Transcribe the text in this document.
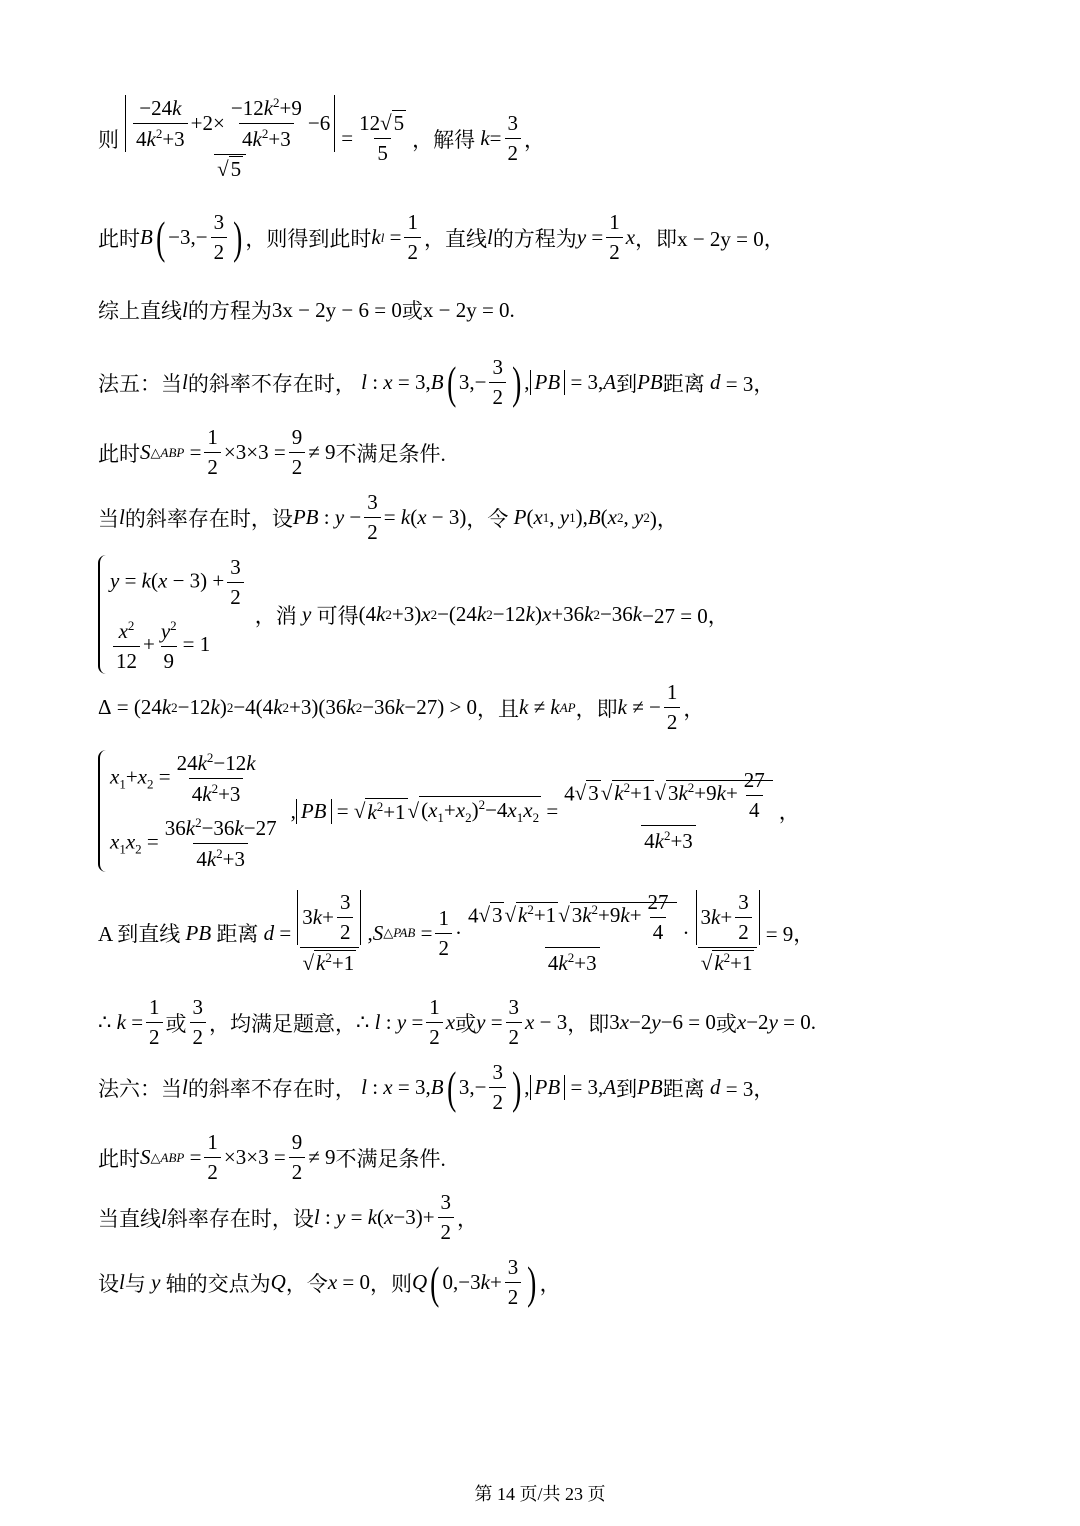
则 $\frac{-24k}{4k^2+3} +2\times \frac{-12k^2+9}{4k^2+3} -6$
√ $5 = \frac{12 √ 5}{5}$ ，解得
$k = \frac{3}{2}$ ，
此时 B ( $-3,- \frac{3}{2}$ ) ，则得到此时 k $l = \frac{1}{2}$ ，直线 l 的方程为 $y = \frac{1}{2}$ x ，即 x − 2y = 0，
综上直线 l 的方程为 3x − 2y − 6 = 0 或 x − 2y = 0.
法五：当 l 的斜率不存在时，
l : x = 3, B ( $3,- \frac{3}{2}$ ) , PB = 3, A 到 PB 距离
d = 3，
此时 S △ABP = $\frac{1}{2} \times 3\times 3 = \frac{9}{2} \ne 9$ 不满足条件.
当 l 的斜率存在时，设 PB : $y - \frac{3}{2} = k$ ( x − 3) ，令
P ( x 1 , y 1 ), B ( x 2 , y 2 )，
$y = k(x - 3) + \frac{3}{2}$
$\frac{x^2}{12} + \frac{y^2}{9} = 1$
，消
y
可得 (4 k 2 +3) x 2 −(24 k 2 −12 k ) x +36 k 2 −36 k −27 = 0，
Δ = (24 k 2 −12 k ) 2 −4(4 k 2 +3)(36 k 2 −36 k −27) > 0 ，且 k ≠ k AP ，即 k ≠ − $\frac{1}{2}$ ，
$x_1+x_2 = \frac{24k^2-12k}{4k^2+3}$
$x_1x_2 = \frac{36k^2-36k-27}{4k^2+3}$
, PB = √ $k^2+1$ √ $(x_1+x_2)^2-4x_1x_2 = \frac{4 √ 3 √ k^2+1 √ 3k^2+9k+ \frac{27}{4}}{4k^2+3}$ ，
A 到直线
PB
距离
d = 3 $k + \frac{3}{2}$
√ $k^2+1$ , S △PAB = $\frac{1}{2} \cdot \frac{4 √ 3 √ k^2+1 √ 3k^2+9k+ \frac{27}{4}}{4k^2+3} \cdot 3$ $k + \frac{3}{2}$
√ $k^2+1 = 9$，
∴ $k = \frac{1}{2}$ 或 $\frac{3}{2}$ ，均满足题意， ∴ l : $y = \frac{1}{2}$ x 或 $y = \frac{3}{2}$ x − 3 ，即 3 x −2 y −6 = 0 或 x −2 y = 0.
法六：当 l 的斜率不存在时，
l : x = 3, B ( $3,- \frac{3}{2}$ ) , PB = 3, A 到 PB 距离
d = 3，
此时 S △ABP = $\frac{1}{2} \times 3\times 3 = \frac{9}{2} \ne 9$ 不满足条件.
当直线 l 斜率存在时，设 l : y = k ( $x -3)+ \frac{3}{2}$ ，
设 l 与
y
轴的交点为 Q ，令 x = 0 ，则 Q ( 0,−3 $k + \frac{3}{2}$ ) ，
第 14 页/共 23 页
